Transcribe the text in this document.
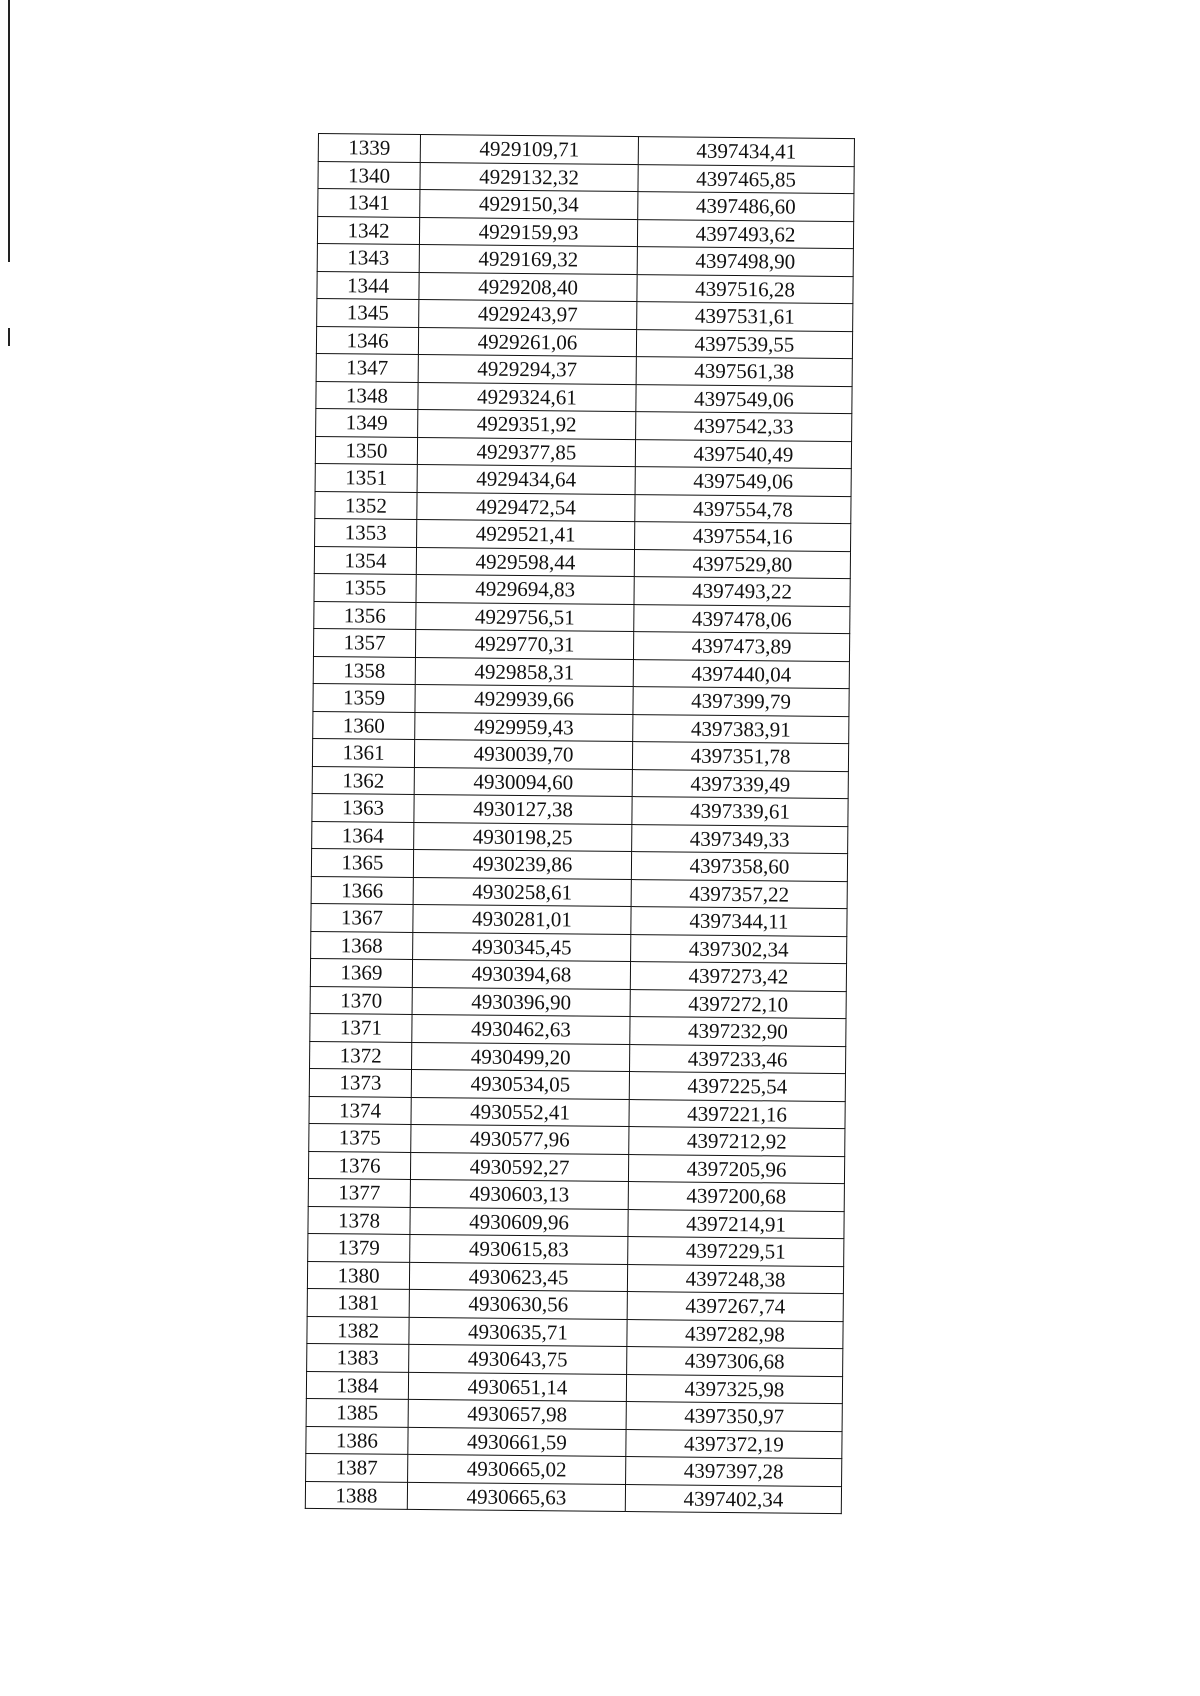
1339	4929109,71	4397434,41
1340	4929132,32	4397465,85
1341	4929150,34	4397486,60
1342	4929159,93	4397493,62
1343	4929169,32	4397498,90
1344	4929208,40	4397516,28
1345	4929243,97	4397531,61
1346	4929261,06	4397539,55
1347	4929294,37	4397561,38
1348	4929324,61	4397549,06
1349	4929351,92	4397542,33
1350	4929377,85	4397540,49
1351	4929434,64	4397549,06
1352	4929472,54	4397554,78
1353	4929521,41	4397554,16
1354	4929598,44	4397529,80
1355	4929694,83	4397493,22
1356	4929756,51	4397478,06
1357	4929770,31	4397473,89
1358	4929858,31	4397440,04
1359	4929939,66	4397399,79
1360	4929959,43	4397383,91
1361	4930039,70	4397351,78
1362	4930094,60	4397339,49
1363	4930127,38	4397339,61
1364	4930198,25	4397349,33
1365	4930239,86	4397358,60
1366	4930258,61	4397357,22
1367	4930281,01	4397344,11
1368	4930345,45	4397302,34
1369	4930394,68	4397273,42
1370	4930396,90	4397272,10
1371	4930462,63	4397232,90
1372	4930499,20	4397233,46
1373	4930534,05	4397225,54
1374	4930552,41	4397221,16
1375	4930577,96	4397212,92
1376	4930592,27	4397205,96
1377	4930603,13	4397200,68
1378	4930609,96	4397214,91
1379	4930615,83	4397229,51
1380	4930623,45	4397248,38
1381	4930630,56	4397267,74
1382	4930635,71	4397282,98
1383	4930643,75	4397306,68
1384	4930651,14	4397325,98
1385	4930657,98	4397350,97
1386	4930661,59	4397372,19
1387	4930665,02	4397397,28
1388	4930665,63	4397402,34
